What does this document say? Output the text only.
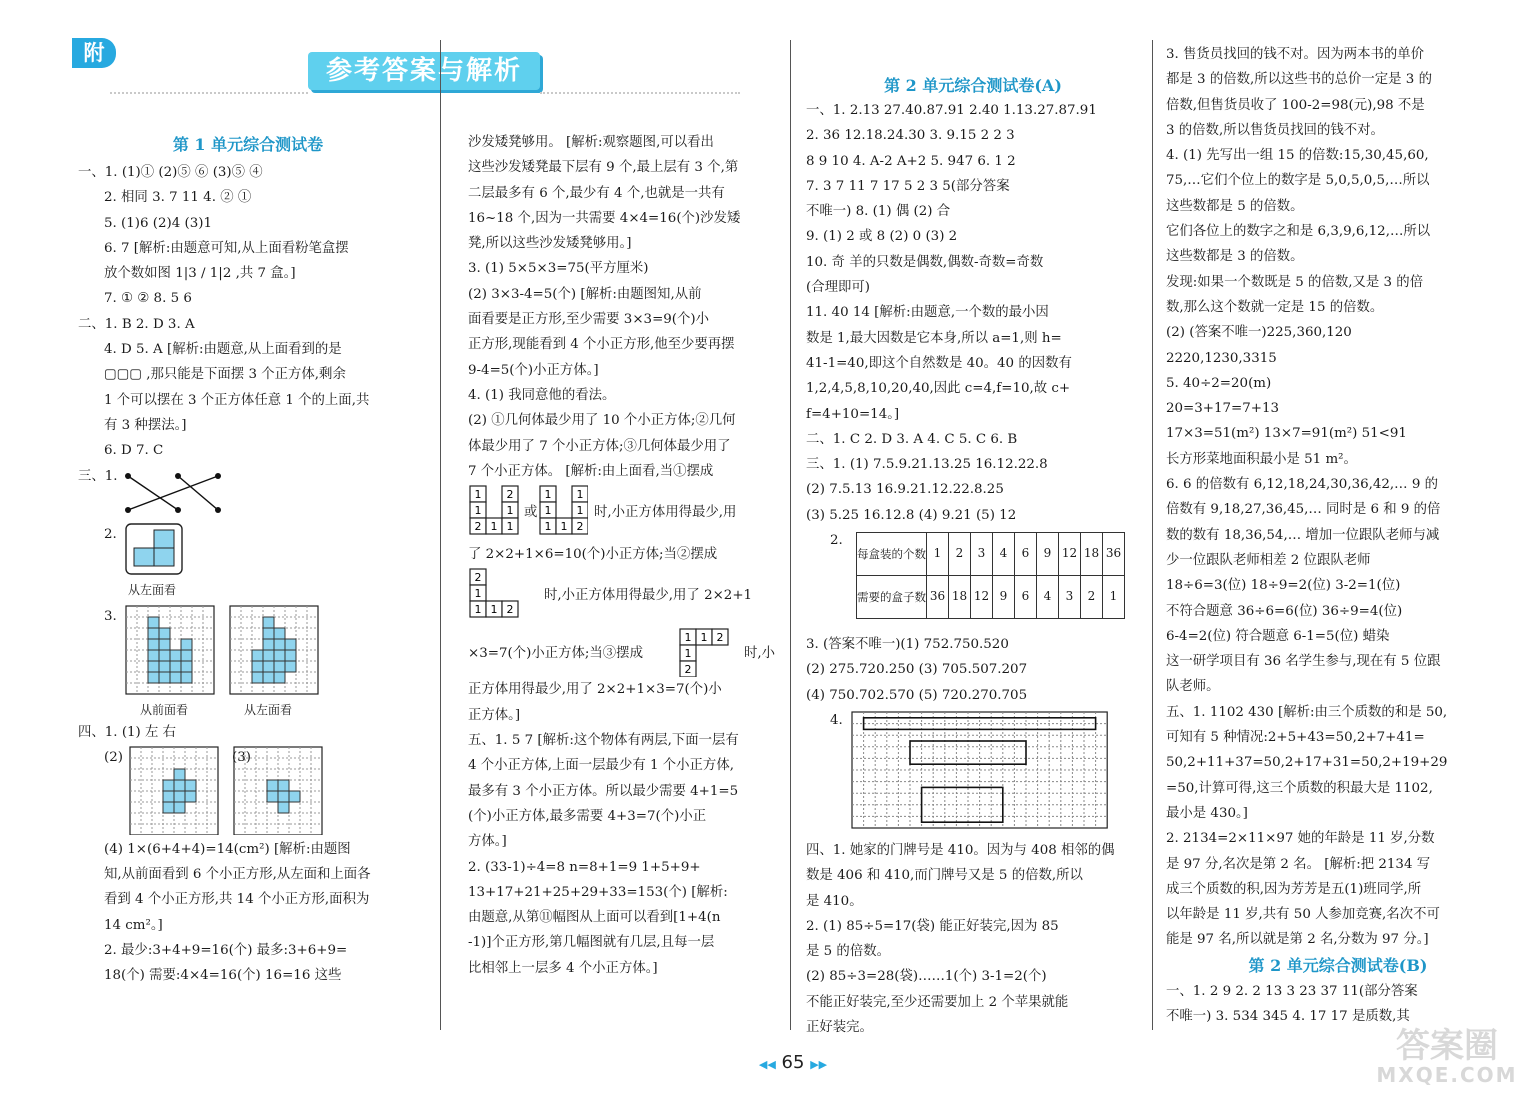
附
参考答案与解析
第 1 单元综合测试卷
一、1. (1)① (2)⑤ ⑥ (3)⑤ ④
2. 相同 3. 7 11 4. ② ①
5. (1)6 (2)4 (3)1
6. 7 [解析:由题意可知,从上面看粉笔盒摆
放个数如图 1|3 / 1|2 ,共 7 盒。]
7. ① ② 8. 5 6
二、1. B 2. D 3. A
4. D 5. A [解析:由题意,从上面看到的是
▢▢▢ ,那只能是下面摆 3 个正方体,剩余
1 个可以摆在 3 个正方体任意 1 个的上面,共
有 3 种摆法。]
6. D 7. C
三、1.
2.
从左面看
3.
从前面看	从左面看
四、1. (1) 左 右
(2)	(3)
(4) 1×(6+4+4)=14(cm²) [解析:由题图
知,从前面看到 6 个小正方形,从左面和上面各
看到 4 个小正方形,共 14 个小正方形,面积为
14 cm²。]
2. 最少:3+4+9=16(个) 最多:3+6+9=
18(个) 需要:4×4=16(个) 16=16 这些
沙发矮凳够用。 [解析:观察题图,可以看出
这些沙发矮凳最下层有 9 个,最上层有 3 个,第
二层最多有 6 个,最少有 4 个,也就是一共有
16~18 个,因为一共需要 4×4=16(个)沙发矮
凳,所以这些沙发矮凳够用。]
3. (1) 5×5×3=75(平方厘米)
(2) 3×3-4=5(个) [解析:由题图知,从前
面看要是正方形,至少需要 3×3=9(个)小
正方形,现能看到 4 个小正方形,他至少要再摆
9-4=5(个)小正方体。]
4. (1) 我同意他的看法。
(2) ①几何体最少用了 10 个小正方体;②几何
体最少用了 7 个小正方体;③几何体最少用了
7 个小正方体。 [解析:由上面看,当①摆成
1 2
1 1
2 1 1
1 1
1 1
1 1 2
或	时,小正方体用得最少,用
了 2×2+1×6=10(个)小正方体;当②摆成
2
1
1 1 2
时,小正方体用得最少,用了 2×2+1
×3=7(个)小正方体;当③摆成
1 1 2
1
2
时,小
正方体用得最少,用了 2×2+1×3=7(个)小
正方体。]
五、1. 5 7 [解析:这个物体有两层,下面一层有
4 个小正方体,上面一层最少有 1 个小正方体,
最多有 3 个小正方体。所以最少需要 4+1=5
(个)小正方体,最多需要 4+3=7(个)小正
方体。]
2. (33-1)÷4=8 n=8+1=9 1+5+9+
13+17+21+25+29+33=153(个) [解析:
由题意,从第⑪幅图从上面可以看到[1+4(n
-1)]个正方形,第几幅图就有几层,且每一层
比相邻上一层多 4 个小正方体。]
第 2 单元综合测试卷(A)
一、1. 2.13 27.40.87.91 2.40 1.13.27.87.91
2. 36 12.18.24.30 3. 9.15 2 2 3
8 9 10 4. A-2 A+2 5. 947 6. 1 2
7. 3 7 11 7 17 5 2 3 5(部分答案
不唯一) 8. (1) 偶 (2) 合
9. (1) 2 或 8 (2) 0 (3) 2
10. 奇 羊的只数是偶数,偶数-奇数=奇数
(合理即可)
11. 40 14 [解析:由题意,一个数的最小因
数是 1,最大因数是它本身,所以 a=1,则 h=
41-1=40,即这个自然数是 40。40 的因数有
1,2,4,5,8,10,20,40,因此 c=4,f=10,故 c+
f=4+10=14。]
二、1. C 2. D 3. A 4. C 5. C 6. B
三、1. (1) 7.5.9.21.13.25 16.12.22.8
(2) 7.5.13 16.9.21.12.22.8.25
(3) 5.25 16.12.8 (4) 9.21 (5) 12
2.
每盒装的个数	1	2	3	4	6	9	12	18	36
需要的盒子数	36	18	12	9	6	4	3	2	1
3. (答案不唯一)(1) 752.750.520
(2) 275.720.250 (3) 705.507.207
(4) 750.702.570 (5) 720.270.705
4.
四、1. 她家的门牌号是 410。因为与 408 相邻的偶
数是 406 和 410,而门牌号又是 5 的倍数,所以
是 410。
2. (1) 85÷5=17(袋) 能正好装完,因为 85
是 5 的倍数。
(2) 85÷3=28(袋)……1(个) 3-1=2(个)
不能正好装完,至少还需要加上 2 个苹果就能
正好装完。
3. 售货员找回的钱不对。因为两本书的单价
都是 3 的倍数,所以这些书的总价一定是 3 的
倍数,但售货员收了 100-2=98(元),98 不是
3 的倍数,所以售货员找回的钱不对。
4. (1) 先写出一组 15 的倍数:15,30,45,60,
75,…它们个位上的数字是 5,0,5,0,5,…所以
这些数都是 5 的倍数。
它们各位上的数字之和是 6,3,9,6,12,…所以
这些数都是 3 的倍数。
发现:如果一个数既是 5 的倍数,又是 3 的倍
数,那么这个数就一定是 15 的倍数。
(2) (答案不唯一)225,360,120
2220,1230,3315
5. 40÷2=20(m)
20=3+17=7+13
17×3=51(m²) 13×7=91(m²) 51<91
长方形菜地面积最小是 51 m²。
6. 6 的倍数有 6,12,18,24,30,36,42,… 9 的
倍数有 9,18,27,36,45,… 同时是 6 和 9 的倍
数的数有 18,36,54,… 增加一位跟队老师与减
少一位跟队老师相差 2 位跟队老师
18÷6=3(位) 18÷9=2(位) 3-2=1(位)
不符合题意 36÷6=6(位) 36÷9=4(位)
6-4=2(位) 符合题意 6-1=5(位) 蜡染
这一研学项目有 36 名学生参与,现在有 5 位跟
队老师。
五、1. 1102 430 [解析:由三个质数的和是 50,
可知有 5 种情况:2+5+43=50,2+7+41=
50,2+11+37=50,2+17+31=50,2+19+29
=50,计算可得,这三个质数的积最大是 1102,
最小是 430。]
2. 2134=2×11×97 她的年龄是 11 岁,分数
是 97 分,名次是第 2 名。 [解析:把 2134 写
成三个质数的积,因为芳芳是五(1)班同学,所
以年龄是 11 岁,共有 50 人参加竞赛,名次不可
能是 97 名,所以就是第 2 名,分数为 97 分。]
第 2 单元综合测试卷(B)
一、1. 2 9 2. 2 13 3 23 37 11(部分答案
不唯一) 3. 534 345 4. 17 17 是质数,其
◀◀ 65 ▶▶	答案圈
MXQE.COM
